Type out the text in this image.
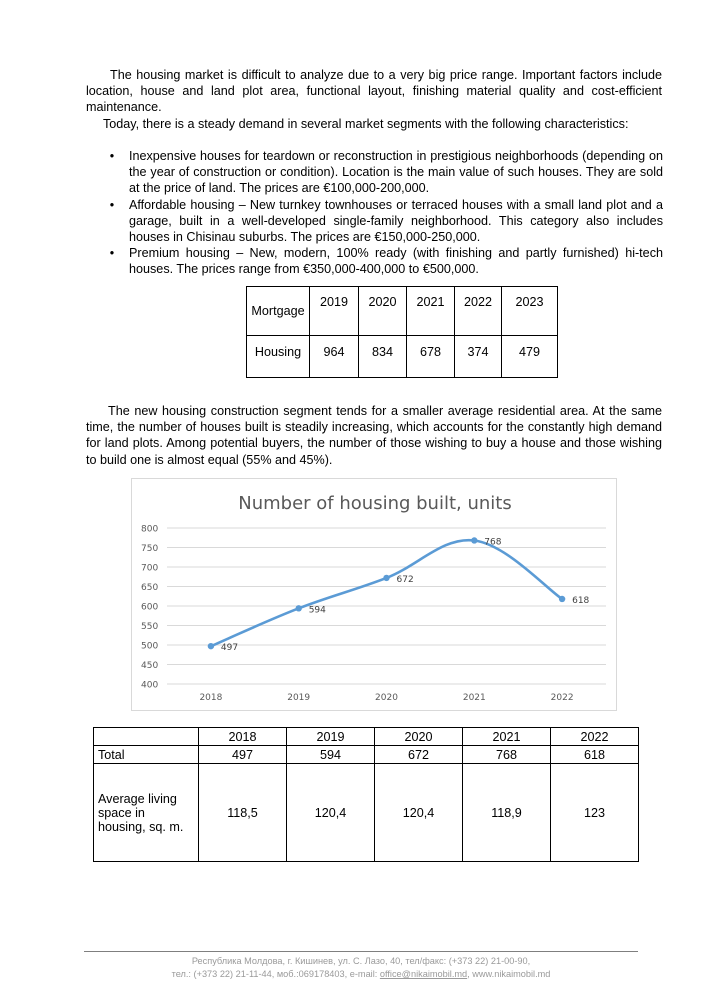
The housing market is difficult to analyze due to a very big price range. Important factors include location, house and land plot area, functional layout, finishing material quality and cost-efficient maintenance.

Today, there is a steady demand in several market segments with the following characteristics:

•	Inexpensive houses for teardown or reconstruction in prestigious neighborhoods (depending on the year of construction or condition). Location is the main value of such houses. They are sold at the price of land. The prices are €100,000-200,000.
•	Affordable housing – New turnkey townhouses or terraced houses with a small land plot and a garage, built in a well-developed single-family neighborhood. This category also includes houses in Chisinau suburbs. The prices are €150,000-250,000.
•	Premium housing – New, modern, 100% ready (with finishing and partly furnished) hi-tech houses. The prices range from €350,000-400,000 to €500,000.
Mortgage	2019	2020	2021	2022	2023
Housing	964	834	678	374	479

The new housing construction segment tends for a smaller average residential area. At the same time, the number of houses built is steadily increasing, which accounts for the constantly high demand for land plots. Among potential buyers, the number of those wishing to buy a house and those wishing to build one is almost equal (55% and 45%).

Number of housing built, units
400
450
500
550
600
650
700
750
800
2018	2019	2020	2021	2022
497
594
672
768
618
	2018	2019	2020	2021	2022
Total	497	594	672	768	618
Average living space in housing, sq. m.	118,5	120,4	120,4	118,9	123
Республика Молдова, г. Кишинев, ул. С. Лазо, 40, тел/факс: (+373 22) 21-00-90,
тел.: (+373 22) 21-11-44, моб.:069178403, e-mail: office@nikaimobil.md, www.nikaimobil.md
